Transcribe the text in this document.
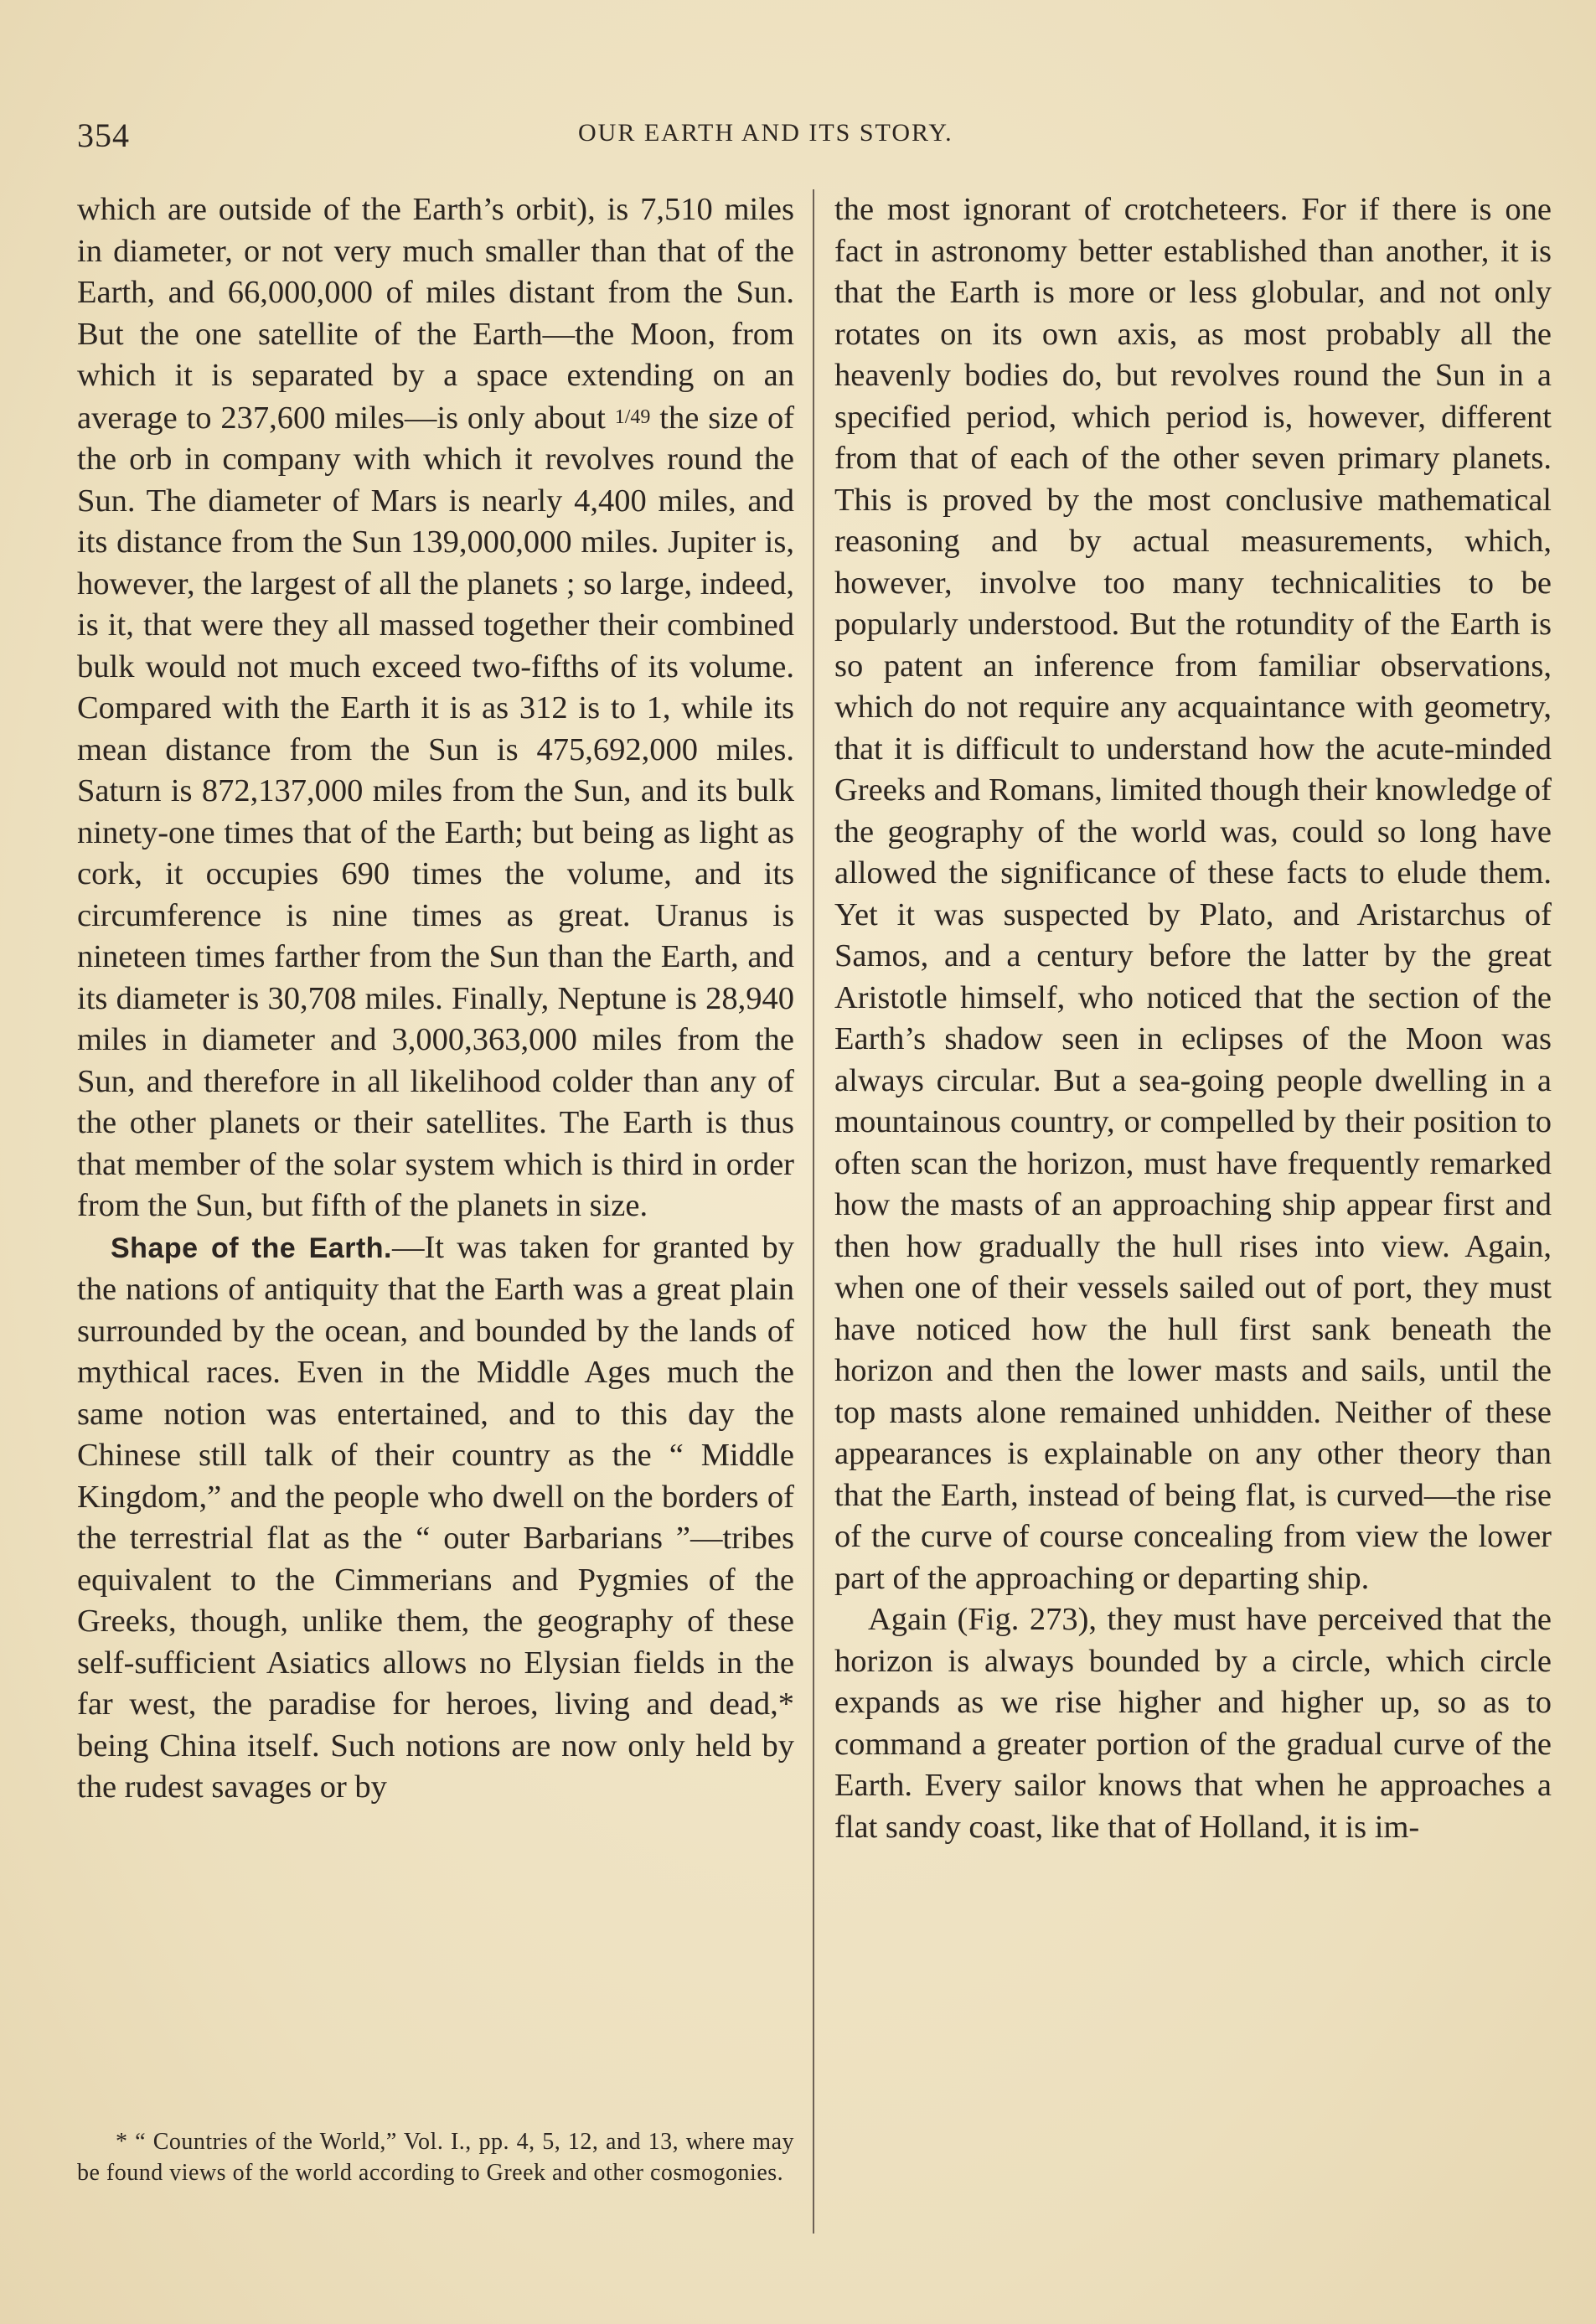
354	OUR EARTH AND ITS STORY.

which are outside of the Earth’s orbit), is 7,510 miles in diameter, or not very much smaller than that of the Earth, and 66,000,000 of miles distant from the Sun. But the one satellite of the Earth—the Moon, from which it is separated by a space extending on an average to 237,600 miles—is only about 1/49 the size of the orb in company with which it revolves round the Sun. The diameter of Mars is nearly 4,400 miles, and its distance from the Sun 139,000,000 miles. Jupiter is, however, the largest of all the planets ; so large, indeed, is it, that were they all massed together their combined bulk would not much exceed two-fifths of its volume. Compared with the Earth it is as 312 is to 1, while its mean distance from the Sun is 475,692,000 miles. Saturn is 872,137,000 miles from the Sun, and its bulk ninety-one times that of the Earth; but being as light as cork, it occupies 690 times the volume, and its circumference is nine times as great. Uranus is nineteen times farther from the Sun than the Earth, and its diameter is 30,708 miles. Finally, Neptune is 28,940 miles in diameter and 3,000,363,000 miles from the Sun, and therefore in all likelihood colder than any of the other planets or their satellites. The Earth is thus that member of the solar system which is third in order from the Sun, but fifth of the planets in size.

Shape of the Earth.—It was taken for granted by the nations of antiquity that the Earth was a great plain surrounded by the ocean, and bounded by the lands of mythical races. Even in the Middle Ages much the same notion was entertained, and to this day the Chinese still talk of their country as the “ Middle Kingdom,” and the people who dwell on the borders of the terrestrial flat as the “ outer Barbarians ”—tribes equivalent to the Cimmerians and Pygmies of the Greeks, though, unlike them, the geography of these self-sufficient Asiatics allows no Elysian fields in the far west, the paradise for heroes, living and dead,* being China itself. Such notions are now only held by the rudest savages or by

the most ignorant of crotcheteers. For if there is one fact in astronomy better established than another, it is that the Earth is more or less globular, and not only rotates on its own axis, as most probably all the heavenly bodies do, but revolves round the Sun in a specified period, which period is, however, different from that of each of the other seven primary planets. This is proved by the most conclusive mathematical reasoning and by actual measurements, which, however, involve too many technicalities to be popularly understood. But the rotundity of the Earth is so patent an inference from familiar observations, which do not require any acquaintance with geometry, that it is difficult to understand how the acute-minded Greeks and Romans, limited though their knowledge of the geography of the world was, could so long have allowed the significance of these facts to elude them. Yet it was suspected by Plato, and Aristarchus of Samos, and a century before the latter by the great Aristotle himself, who noticed that the section of the Earth’s shadow seen in eclipses of the Moon was always circular. But a sea-going people dwelling in a mountainous country, or compelled by their position to often scan the horizon, must have frequently remarked how the masts of an approaching ship appear first and then how gradually the hull rises into view. Again, when one of their vessels sailed out of port, they must have noticed how the hull first sank beneath the horizon and then the lower masts and sails, until the top masts alone remained unhidden. Neither of these appearances is explainable on any other theory than that the Earth, instead of being flat, is curved—the rise of the curve of course concealing from view the lower part of the approaching or departing ship.

Again (Fig. 273), they must have perceived that the horizon is always bounded by a circle, which circle expands as we rise higher and higher up, so as to command a greater portion of the gradual curve of the Earth. Every sailor knows that when he approaches a flat sandy coast, like that of Holland, it is im-

* “ Countries of the World,” Vol. I., pp. 4, 5, 12, and 13, where may be found views of the world according to Greek and other cosmogonies.
